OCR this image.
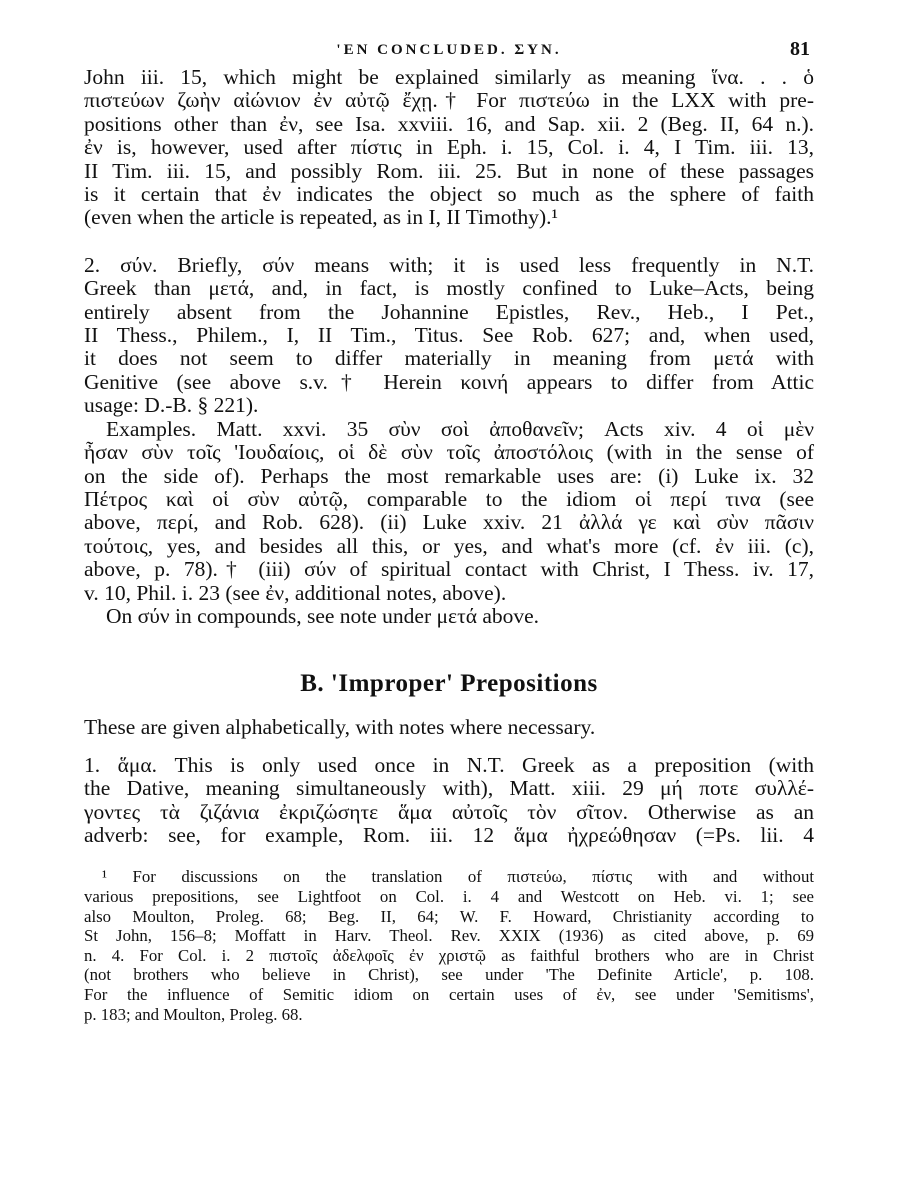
'EN CONCLUDED. ΣΥΝ.	81

John iii. 15, which might be explained similarly as meaning ἵνα. . . ὁ

πιστεύων ζωὴν αἰώνιον ἐν αὐτῷ ἔχῃ.† For πιστεύω in the LXX with pre-

positions other than ἐν, see Isa. xxviii. 16, and Sap. xii. 2 (Beg. II, 64 n.).

ἐν is, however, used after πίστις in Eph. i. 15, Col. i. 4, I Tim. iii. 13,

II Tim. iii. 15, and possibly Rom. iii. 25. But in none of these passages

is it certain that ἐν indicates the object so much as the sphere of faith

(even when the article is repeated, as in I, II Timothy).¹

2. σύν. Briefly, σύν means with; it is used less frequently in N.T.

Greek than μετά, and, in fact, is mostly confined to Luke–Acts, being

entirely absent from the Johannine Epistles, Rev., Heb., I Pet.,

II Thess., Philem., I, II Tim., Titus. See Rob. 627; and, when used,

it does not seem to differ materially in meaning from μετά with

Genitive (see above s.v.† Herein κοινή appears to differ from Attic

usage: D.-B. § 221).

Examples. Matt. xxvi. 35 σὺν σοὶ ἀποθανεῖν; Acts xiv. 4 οἱ μὲν

ἦσαν σὺν τοῖς 'Ιουδαίοις, οἱ δὲ σὺν τοῖς ἀποστόλοις (with in the sense of

on the side of). Perhaps the most remarkable uses are: (i) Luke ix. 32

Πέτρος καὶ οἱ σὺν αὐτῷ, comparable to the idiom οἱ περί τινα (see

above, περί, and Rob. 628). (ii) Luke xxiv. 21 ἀλλά γε καὶ σὺν πᾶσιν

τούτοις, yes, and besides all this, or yes, and what's more (cf. ἐν iii. (c),

above, p. 78).† (iii) σύν of spiritual contact with Christ, I Thess. iv. 17,

v. 10, Phil. i. 23 (see ἐν, additional notes, above).

On σύν in compounds, see note under μετά above.

B. 'Improper' Prepositions

These are given alphabetically, with notes where necessary.

1. ἅμα. This is only used once in N.T. Greek as a preposition (with

the Dative, meaning simultaneously with), Matt. xiii. 29 μή ποτε συλλέ-

γοντες τὰ ζιζάνια ἐκριζώσητε ἅμα αὐτοῖς τὸν σῖτον. Otherwise as an

adverb: see, for example, Rom. iii. 12 ἅμα ἠχρεώθησαν (=Ps. lii. 4

¹ For discussions on the translation of πιστεύω, πίστις with and without

various prepositions, see Lightfoot on Col. i. 4 and Westcott on Heb. vi. 1; see

also Moulton, Proleg. 68; Beg. II, 64; W. F. Howard, Christianity according to

St John, 156–8; Moffatt in Harv. Theol. Rev. XXIX (1936) as cited above, p. 69

n. 4. For Col. i. 2 πιστοῖς ἀδελφοῖς ἐν χριστῷ as faithful brothers who are in Christ

(not brothers who believe in Christ), see under 'The Definite Article', p. 108.

For the influence of Semitic idiom on certain uses of ἐν, see under 'Semitisms',

p. 183; and Moulton, Proleg. 68.
